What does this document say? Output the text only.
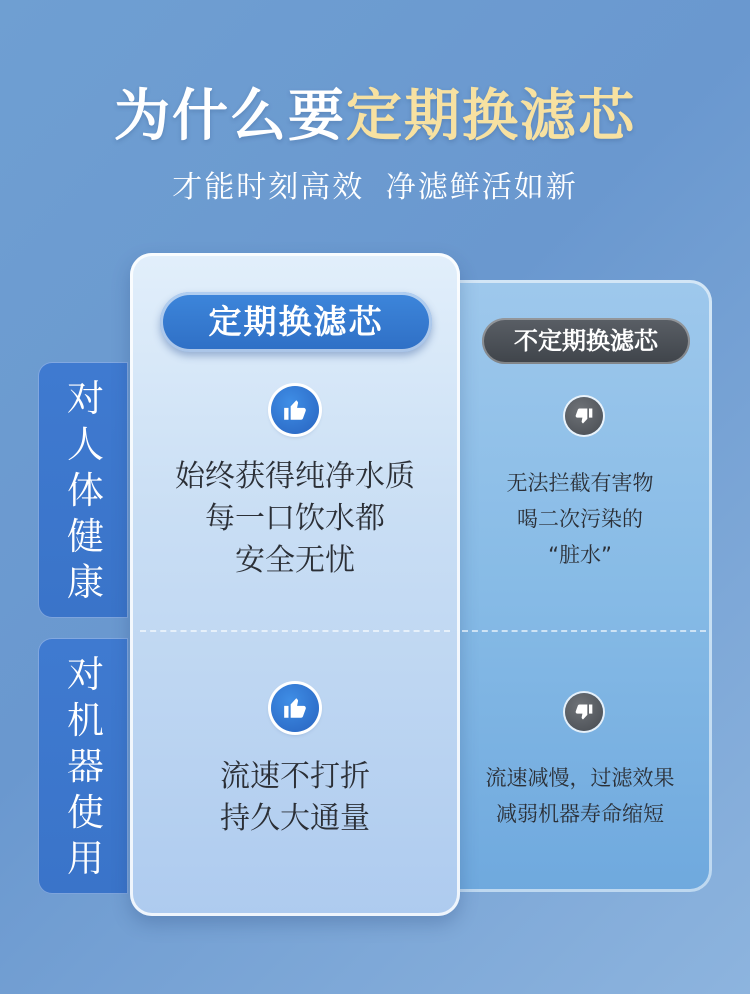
为什么要定期换滤芯
才能时刻高效 净滤鲜活如新
对
人
体
健
康
对
机
器
使
用
定期换滤芯	不定期换滤芯
始终获得纯净水质
每一口饮水都
安全无忧
流速不打折
持久大通量
无法拦截有害物
喝二次污染的
“脏水”
流速减慢，过滤效果
减弱机器寿命缩短
